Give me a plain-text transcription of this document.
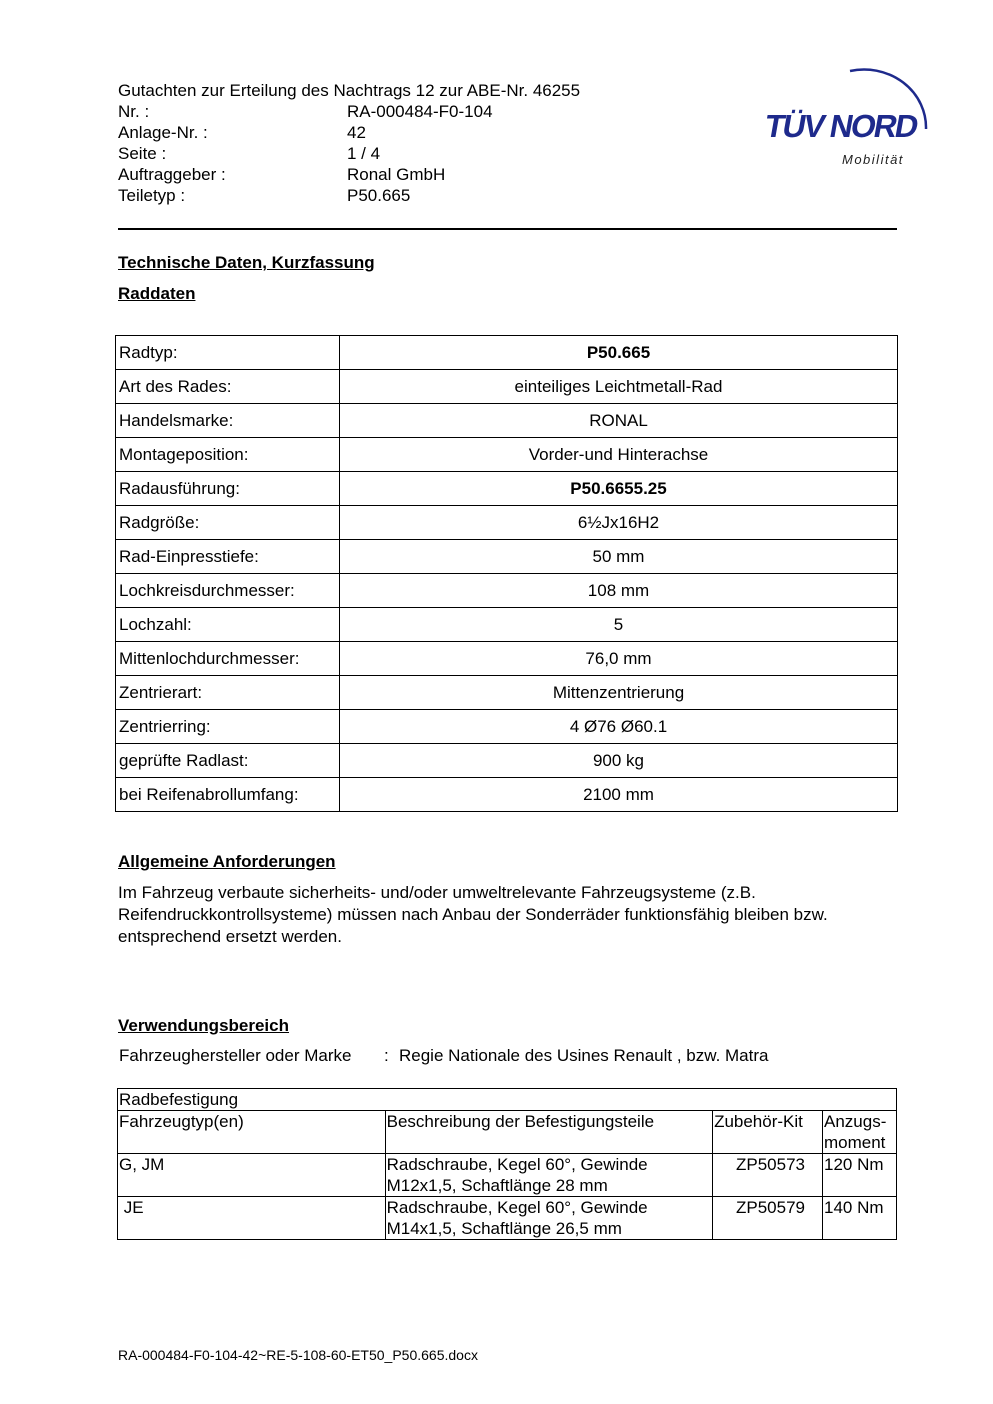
Gutachten zur Erteilung des Nachtrags 12 zur ABE-Nr. 46255
Nr. :	RA-000484-F0-104
Anlage-Nr. :	42
Seite :	1 / 4
Auftraggeber :	Ronal GmbH
Teiletyp :	P50.665
TÜV NORD
Mobilität
Technische Daten, Kurzfassung
Raddaten
Radtyp:	P50.665
Art des Rades:	einteiliges Leichtmetall-Rad
Handelsmarke:	RONAL
Montageposition:	Vorder-und Hinterachse
Radausführung:	P50.6655.25
Radgröße:	6½Jx16H2
Rad-Einpresstiefe:	50 mm
Lochkreisdurchmesser:	108 mm
Lochzahl:	5
Mittenlochdurchmesser:	76,0 mm
Zentrierart:	Mittenzentrierung
Zentrierring:	4 Ø76 Ø60.1
geprüfte Radlast:	900 kg
bei Reifenabrollumfang:	2100 mm
Allgemeine Anforderungen
Im Fahrzeug verbaute sicherheits- und/oder umweltrelevante Fahrzeugsysteme (z.B. Reifendruckkontrollsysteme) müssen nach Anbau der Sonderräder funktionsfähig bleiben bzw. entsprechend ersetzt werden.
Verwendungsbereich
Fahrzeughersteller oder Marke : Regie Nationale des Usines Renault , bzw. Matra
Radbefestigung			
Fahrzeugtyp(en)	Beschreibung der Befestigungsteile	Zubehör-Kit	Anzugs-moment
G, JM	Radschraube, Kegel 60°, Gewinde M12x1,5, Schaftlänge 28 mm	ZP50573	120 Nm
JE	Radschraube, Kegel 60°, Gewinde M14x1,5, Schaftlänge 26,5 mm	ZP50579	140 Nm
RA-000484-F0-104-42~RE-5-108-60-ET50_P50.665.docx
